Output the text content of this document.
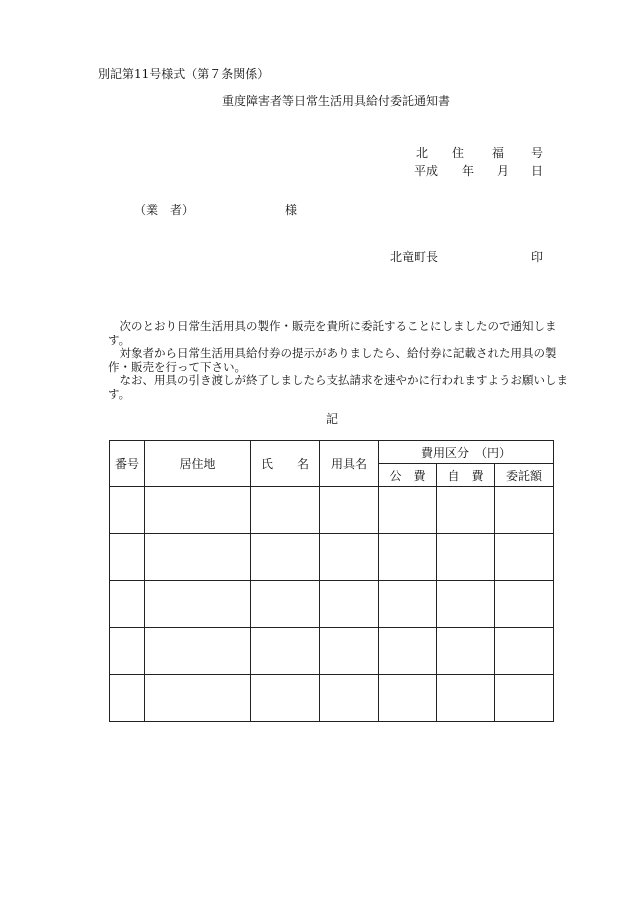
別記第11号様式（第７条関係）
重度障害者等日常生活用具給付委託通知書
北 住 福 号
平成 年 月 日
（業　者）	様
北竜町長	印

次のとおり日常生活用具の製作・販売を貴所に委託することにしましたので通知します。

対象者から日常生活用具給付券の提示がありましたら、給付券に記載された用具の製作・販売を行って下さい。

なお、用具の引き渡しが終了しましたら支払請求を速やかに行われますようお願いします。

記
番号	居住地	氏　　名	用具名	費用区分　（円）		
				公　費	自　費	委託額
